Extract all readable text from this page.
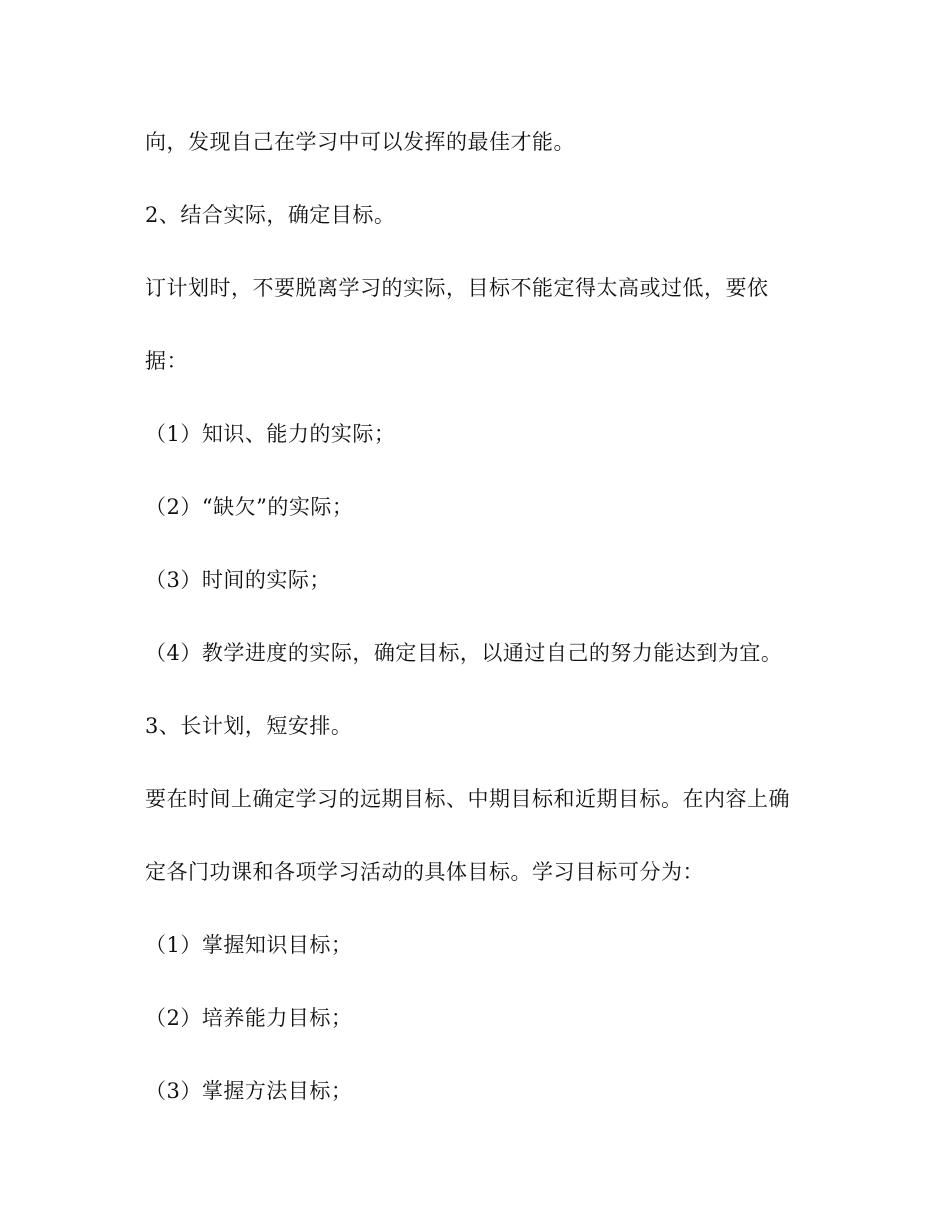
向，发现自己在学习中可以发挥的最佳才能。
2、结合实际，确定目标。
订计划时，不要脱离学习的实际，目标不能定得太高或过低，要依
据：
（1）知识、能力的实际；
（2）“缺欠”的实际；
（3）时间的实际；
（4）教学进度的实际，确定目标，以通过自己的努力能达到为宜。
3、长计划，短安排。
要在时间上确定学习的远期目标、中期目标和近期目标。在内容上确
定各门功课和各项学习活动的具体目标。学习目标可分为：
（1）掌握知识目标；
（2）培养能力目标；
（3）掌握方法目标；
